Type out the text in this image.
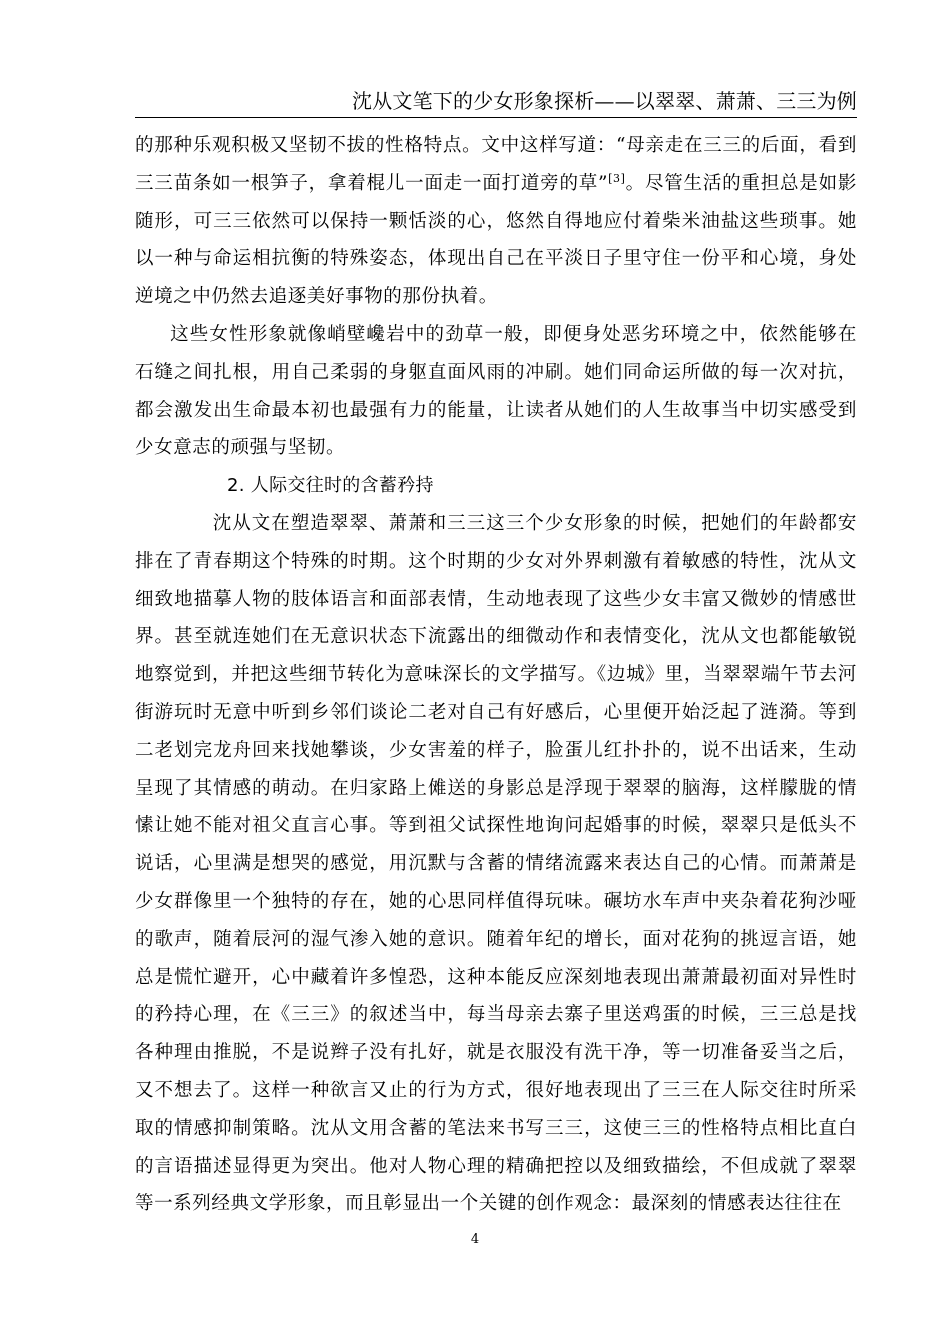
沈从文笔下的少女形象探析——以翠翠、萧萧、三三为例

的那种乐观积极又坚韧不拔的性格特点。文中这样写道：“母亲走在三三的后面，看到三三苗条如一根笋子，拿着棍儿一面走一面打道旁的草”[3]。尽管生活的重担总是如影随形，可三三依然可以保持一颗恬淡的心，悠然自得地应付着柴米油盐这些琐事。她以一种与命运相抗衡的特殊姿态，体现出自己在平淡日子里守住一份平和心境，身处逆境之中仍然去追逐美好事物的那份执着。

这些女性形象就像峭壁巉岩中的劲草一般，即便身处恶劣环境之中，依然能够在石缝之间扎根，用自己柔弱的身躯直面风雨的冲刷。她们同命运所做的每一次对抗，都会激发出生命最本初也最强有力的能量，让读者从她们的人生故事当中切实感受到少女意志的顽强与坚韧。

2. 人际交往时的含蓄矜持

沈从文在塑造翠翠、萧萧和三三这三个少女形象的时候，把她们的年龄都安排在了青春期这个特殊的时期。这个时期的少女对外界刺激有着敏感的特性，沈从文细致地描摹人物的肢体语言和面部表情，生动地表现了这些少女丰富又微妙的情感世界。甚至就连她们在无意识状态下流露出的细微动作和表情变化，沈从文也都能敏锐地察觉到，并把这些细节转化为意味深长的文学描写。《边城》里，当翠翠端午节去河街游玩时无意中听到乡邻们谈论二老对自己有好感后，心里便开始泛起了涟漪。等到二老划完龙舟回来找她攀谈，少女害羞的样子，脸蛋儿红扑扑的，说不出话来，生动呈现了其情感的萌动。在归家路上傩送的身影总是浮现于翠翠的脑海，这样朦胧的情愫让她不能对祖父直言心事。等到祖父试探性地询问起婚事的时候，翠翠只是低头不说话，心里满是想哭的感觉，用沉默与含蓄的情绪流露来表达自己的心情。而萧萧是少女群像里一个独特的存在，她的心思同样值得玩味。碾坊水车声中夹杂着花狗沙哑的歌声，随着辰河的湿气渗入她的意识。随着年纪的增长，面对花狗的挑逗言语，她总是慌忙避开，心中藏着许多惶恐，这种本能反应深刻地表现出萧萧最初面对异性时的矜持心理，在《三三》的叙述当中，每当母亲去寨子里送鸡蛋的时候，三三总是找各种理由推脱，不是说辫子没有扎好，就是衣服没有洗干净，等一切准备妥当之后，又不想去了。这样一种欲言又止的行为方式，很好地表现出了三三在人际交往时所采取的情感抑制策略。沈从文用含蓄的笔法来书写三三，这使三三的性格特点相比直白的言语描述显得更为突出。他对人物心理的精确把控以及细致描绘，不但成就了翠翠等一系列经典文学形象，而且彰显出一个关键的创作观念：最深刻的情感表达往往在

4
